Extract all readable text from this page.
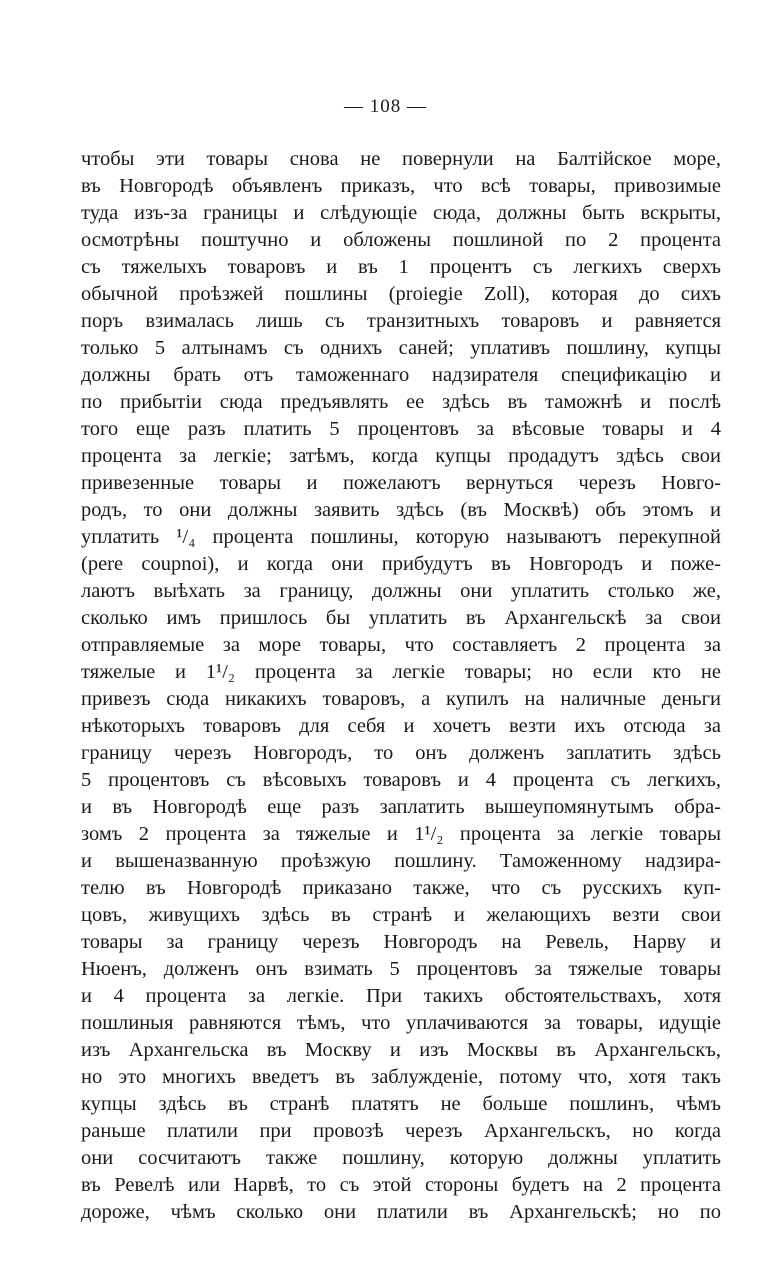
— 108 —
чтобы эти товары снова не повернули на Балтійское море,
въ Новгородѣ объявленъ приказъ, что всѣ товары, привозимые
туда изъ-за границы и слѣдующіе сюда, должны быть вскрыты,
осмотрѣны поштучно и обложены пошлиной по 2 процента
съ тяжелыхъ товаровъ и въ 1 процентъ съ легкихъ сверхъ
обычной проѣзжей пошлины (proiegie Zoll), которая до сихъ
поръ взималась лишь съ транзитныхъ товаровъ и равняется
только 5 алтынамъ съ однихъ саней; уплативъ пошлину, купцы
должны брать отъ таможеннаго надзирателя спецификацію и
по прибытіи сюда предъявлять ее здѣсь въ таможнѣ и послѣ
того еще разъ платить 5 процентовъ за вѣсовые товары и 4
процента за легкіе; затѣмъ, когда купцы продадутъ здѣсь свои
привезенные товары и пожелаютъ вернуться черезъ Новго-
родъ, то они должны заявить здѣсь (въ Москвѣ) объ этомъ и
уплатить ¹/₄ процента пошлины, которую называютъ перекупной
(pere coupnoi), и когда они прибудутъ въ Новгородъ и поже-
лаютъ выѣхать за границу, должны они уплатить столько же,
сколько имъ пришлось бы уплатить въ Архангельскѣ за свои
отправляемые за море товары, что составляетъ 2 процента за
тяжелые и 1¹/₂ процента за легкіе товары; но если кто не
привезъ сюда никакихъ товаровъ, а купилъ на наличные деньги
нѣкоторыхъ товаровъ для себя и хочетъ везти ихъ отсюда за
границу черезъ Новгородъ, то онъ долженъ заплатить здѣсь
5 процентовъ съ вѣсовыхъ товаровъ и 4 процента съ легкихъ,
и въ Новгородѣ еще разъ заплатить вышеупомянутымъ обра-
зомъ 2 процента за тяжелые и 1¹/₂ процента за легкіе товары
и вышеназванную проѣзжую пошлину. Таможенному надзира-
телю въ Новгородѣ приказано также, что съ русскихъ куп-
цовъ, живущихъ здѣсь въ странѣ и желающихъ везти свои
товары за границу черезъ Новгородъ на Ревель, Нарву и
Нюенъ, долженъ онъ взимать 5 процентовъ за тяжелые товары
и 4 процента за легкіе. При такихъ обстоятельствахъ, хотя
пошлиныя равняются тѣмъ, что уплачиваются за товары, идущіе
изъ Архангельска въ Москву и изъ Москвы въ Архангельскъ,
но это многихъ введетъ въ заблужденіе, потому что, хотя такъ
купцы здѣсь въ странѣ платятъ не больше пошлинъ, чѣмъ
раньше платили при провозѣ черезъ Архангельскъ, но когда
они сосчитаютъ также пошлину, которую должны уплатить
въ Ревелѣ или Нарвѣ, то съ этой стороны будетъ на 2 процента
дороже, чѣмъ сколько они платили въ Архангельскѣ; но по
